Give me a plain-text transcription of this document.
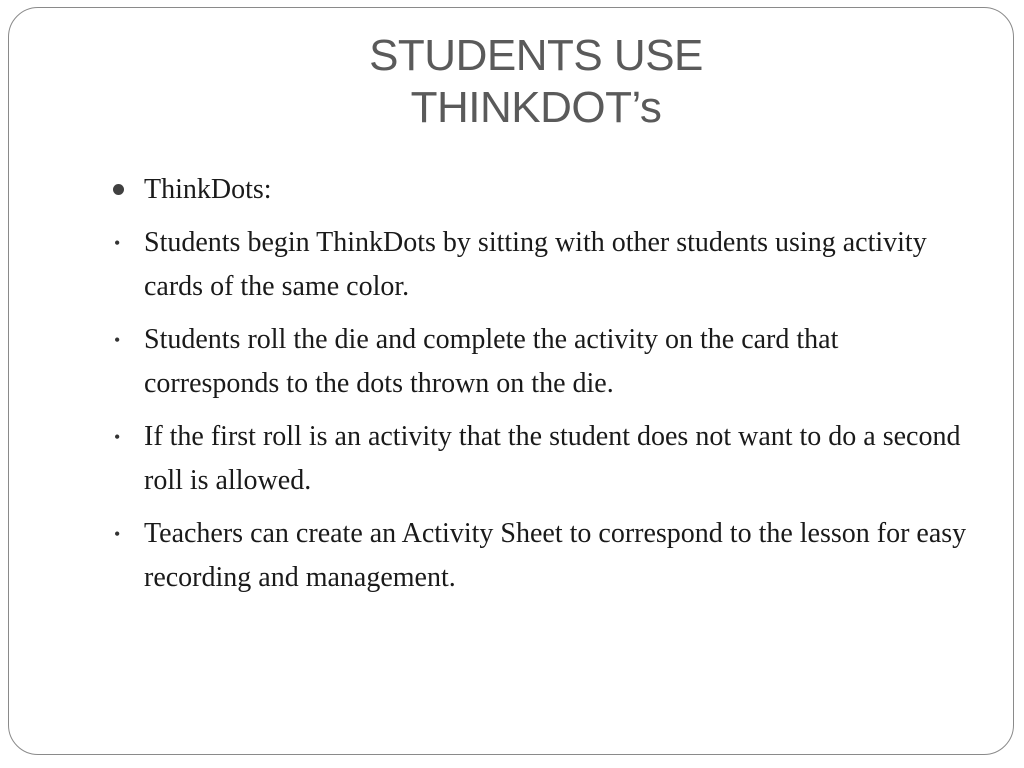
STUDENTS USE
THINKDOT’s
ThinkDots:
• Students begin ThinkDots by sitting with other students using activity cards of the same color.
• Students roll the die and complete the activity on the card that corresponds to the dots thrown on the die.
• If the first roll is an activity that the student does not want to do a second roll is allowed.
• Teachers can create an Activity Sheet to correspond to the lesson for easy recording and management.
